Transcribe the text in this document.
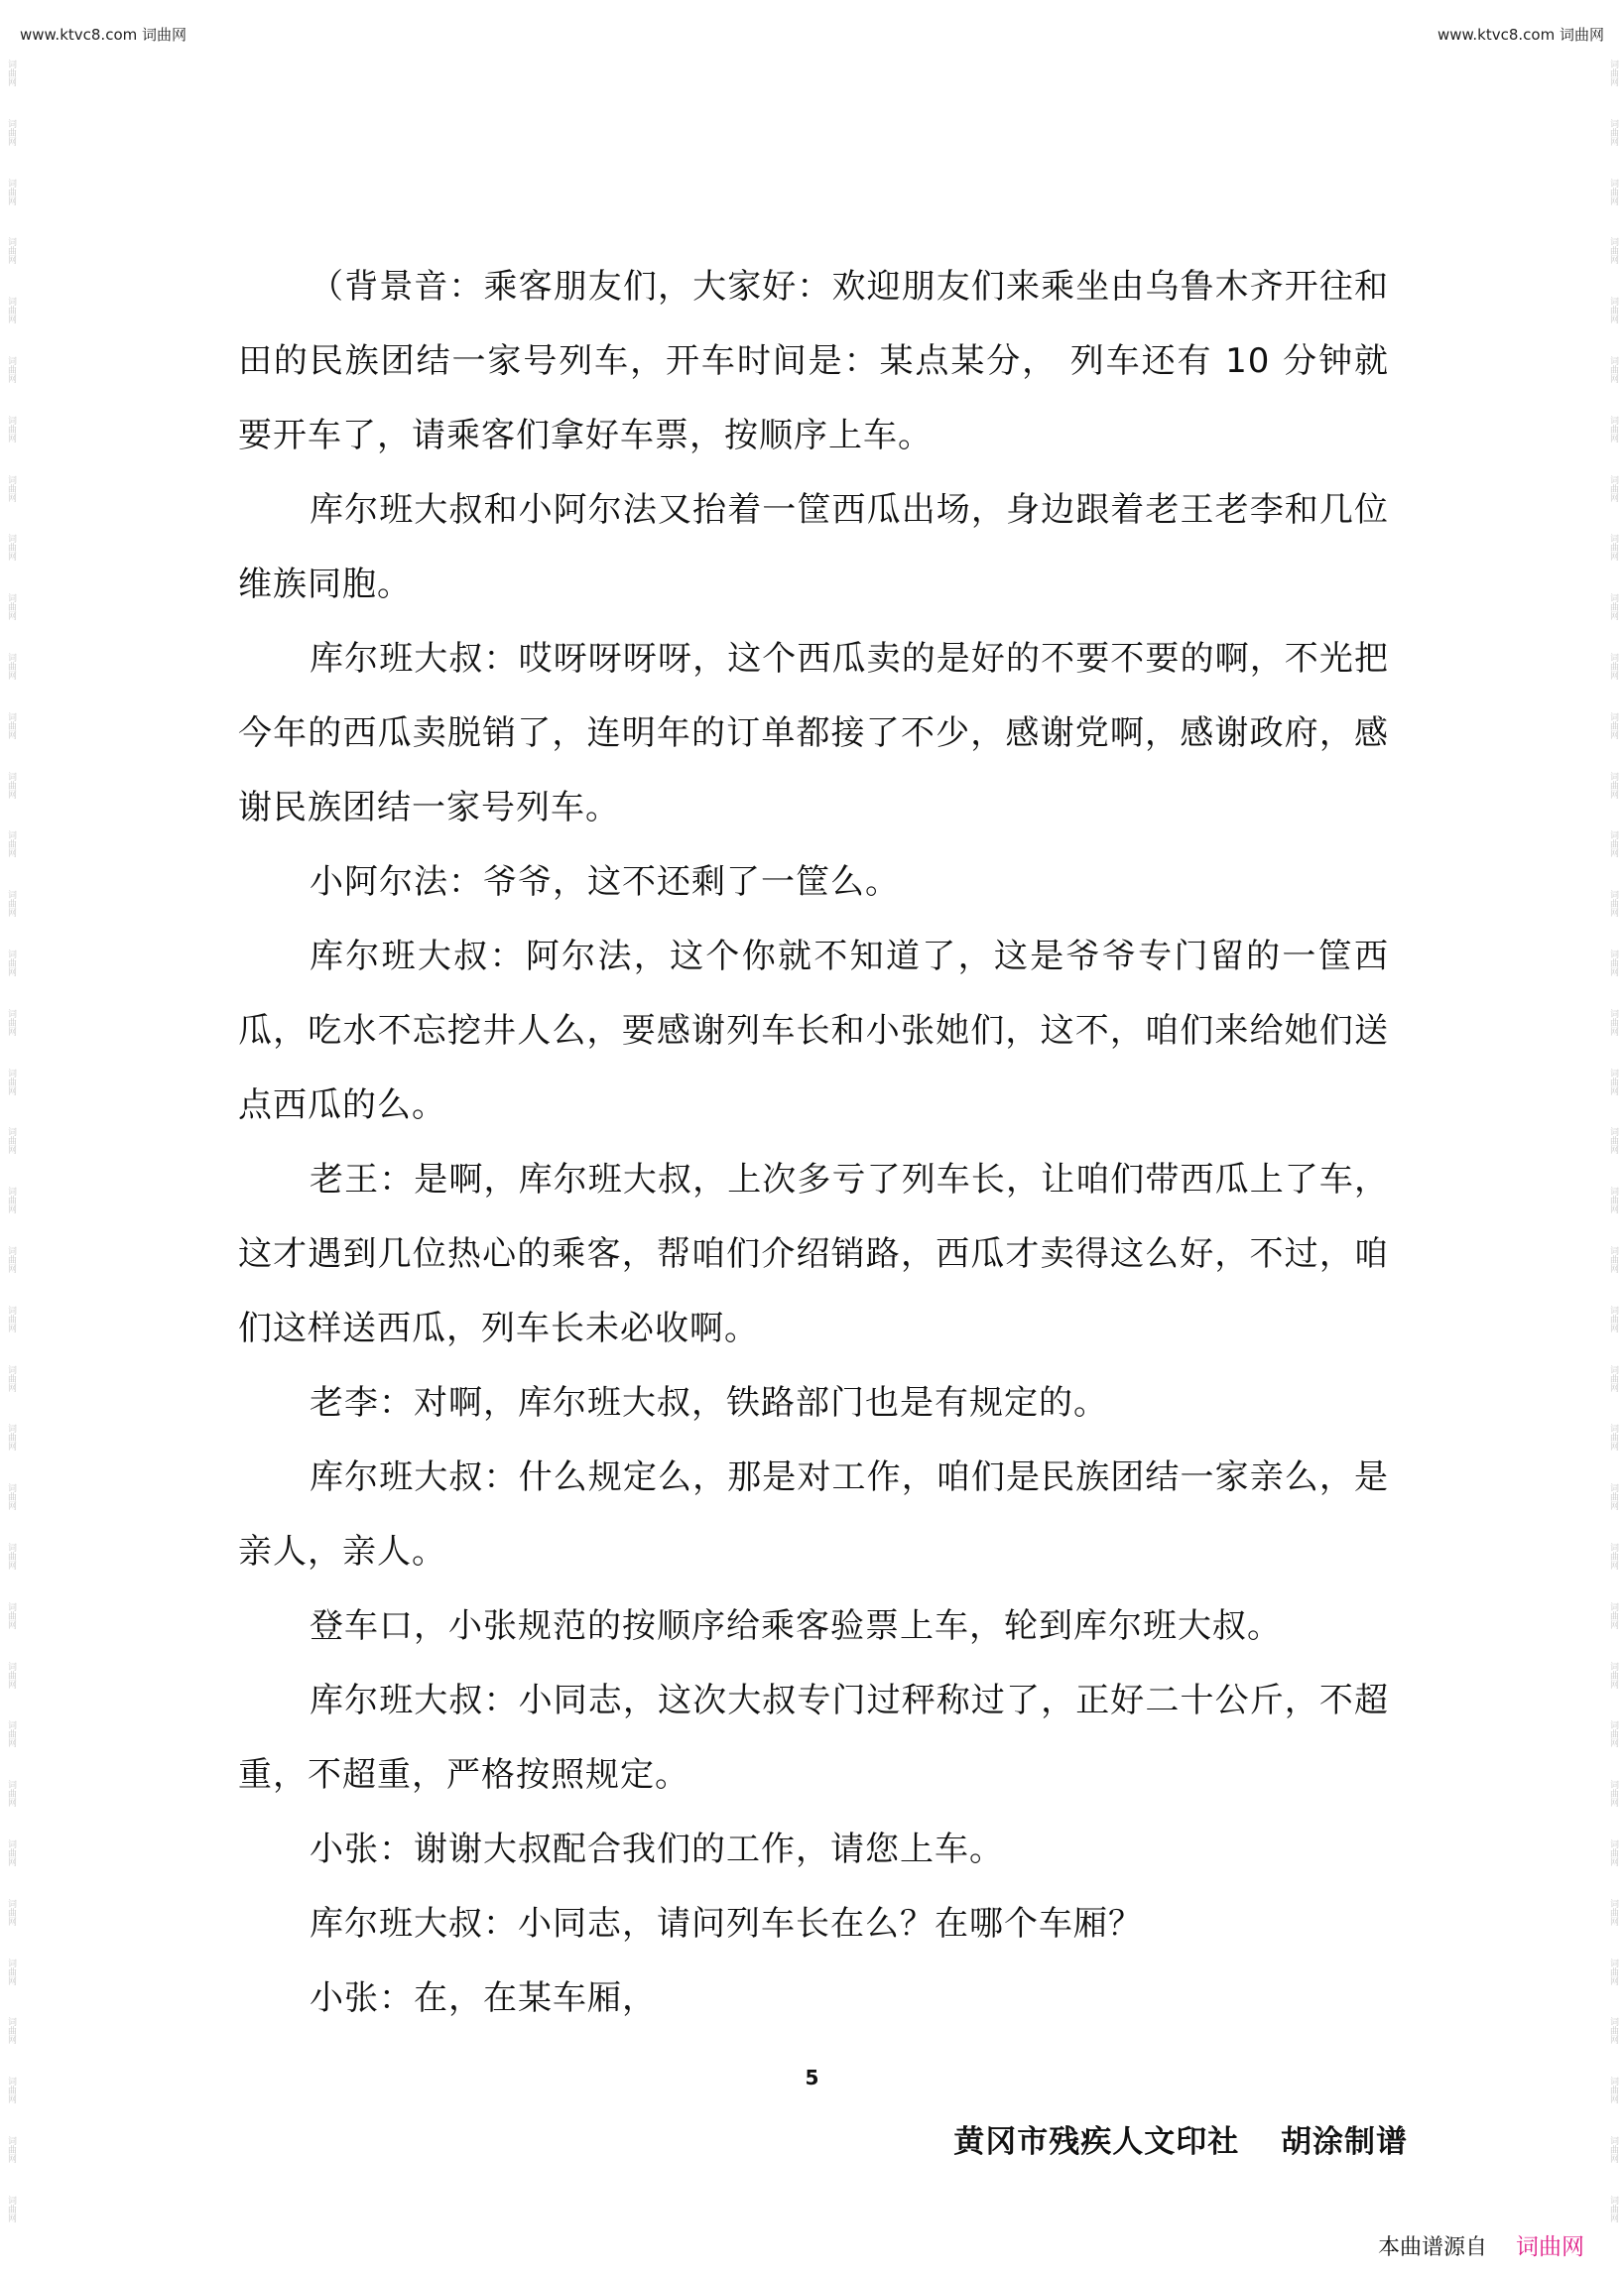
www.ktvc8.com 词曲网	www.ktvc8.com 词曲网
词曲网
词曲网
词曲网
词曲网
词曲网
词曲网
词曲网
词曲网
词曲网
词曲网
词曲网
词曲网
词曲网
词曲网
词曲网
词曲网
词曲网
词曲网
词曲网
词曲网
词曲网
词曲网
词曲网
词曲网
词曲网
词曲网
词曲网
词曲网
词曲网
词曲网
词曲网
词曲网
词曲网
词曲网
词曲网
词曲网
词曲网
词曲网
词曲网
词曲网
词曲网
词曲网
词曲网
词曲网
词曲网
词曲网
词曲网
词曲网
词曲网
词曲网
词曲网
词曲网
词曲网
词曲网
词曲网
词曲网
词曲网
词曲网
词曲网
词曲网
词曲网
词曲网
词曲网
词曲网
词曲网
词曲网
词曲网
词曲网
词曲网
词曲网
词曲网
词曲网
词曲网
词曲网

（背景音：乘客朋友们，大家好：欢迎朋友们来乘坐由乌鲁木齐开往和田的民族团结一家号列车，开车时间是：某点某分， 列车还有 10 分钟就要开车了，请乘客们拿好车票，按顺序上车。

库尔班大叔和小阿尔法又抬着一筐西瓜出场，身边跟着老王老李和几位维族同胞。

库尔班大叔：哎呀呀呀呀，这个西瓜卖的是好的不要不要的啊，不光把今年的西瓜卖脱销了，连明年的订单都接了不少，感谢党啊，感谢政府，感谢民族团结一家号列车。

小阿尔法：爷爷，这不还剩了一筐么。

库尔班大叔：阿尔法，这个你就不知道了，这是爷爷专门留的一筐西瓜，吃水不忘挖井人么，要感谢列车长和小张她们，这不，咱们来给她们送点西瓜的么。

老王：是啊，库尔班大叔，上次多亏了列车长，让咱们带西瓜上了车，这才遇到几位热心的乘客，帮咱们介绍销路，西瓜才卖得这么好，不过，咱们这样送西瓜，列车长未必收啊。

老李：对啊，库尔班大叔，铁路部门也是有规定的。

库尔班大叔：什么规定么，那是对工作，咱们是民族团结一家亲么，是亲人，亲人。

登车口，小张规范的按顺序给乘客验票上车，轮到库尔班大叔。

库尔班大叔：小同志，这次大叔专门过秤称过了，正好二十公斤，不超重，不超重，严格按照规定。

小张：谢谢大叔配合我们的工作，请您上车。

库尔班大叔：小同志，请问列车长在么？在哪个车厢？

小张：在，在某车厢，

5
黄冈市残疾人文印社 胡涂制谱
本曲谱源自 词曲网
